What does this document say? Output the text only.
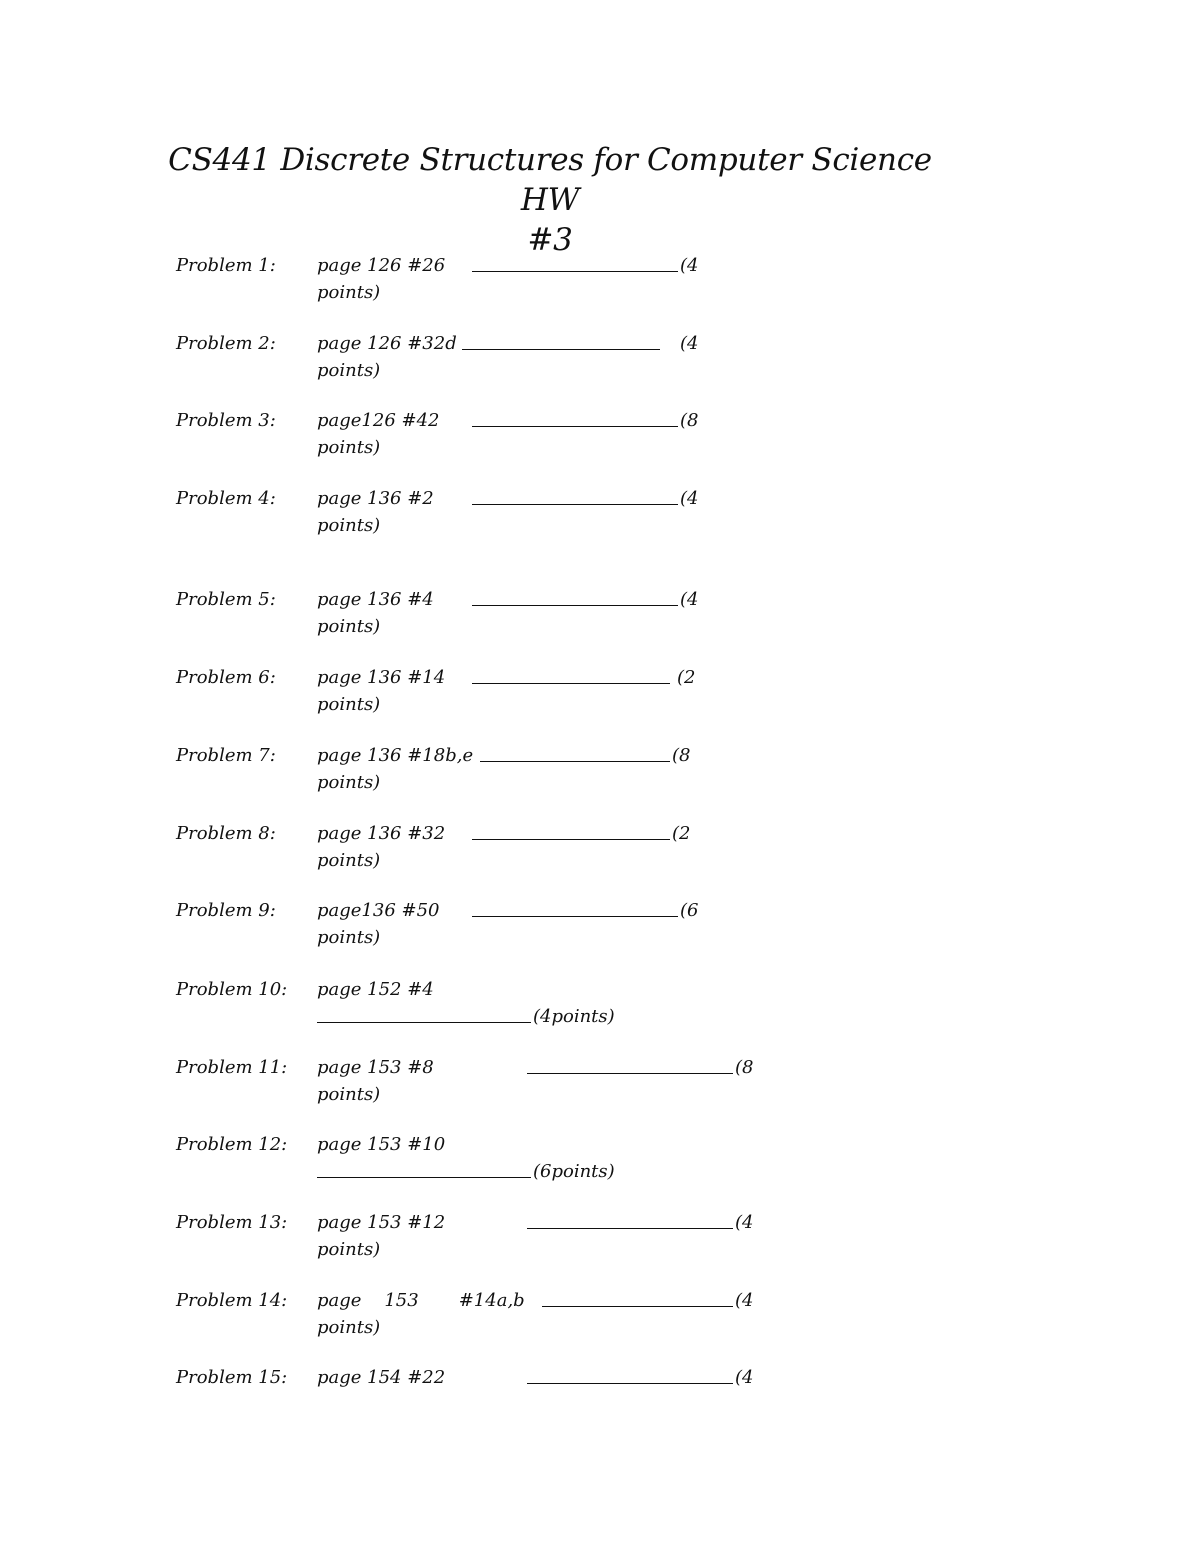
CS441 Discrete Structures for Computer Science HW
#3
Problem 1: page 126 #26	(4
points)
Problem 2: page 126 #32d	(4
points)
Problem 3: page126 #42	(8
points)
Problem 4: page 136 #2	(4
points)
Problem 5: page 136 #4	(4
points)
Problem 6: page 136 #14	(2
points)
Problem 7: page 136 #18b,e	(8
points)
Problem 8: page 136 #32	(2
points)
Problem 9: page136 #50	(6
points)
Problem 10: page 152 #4
(4points)
Problem 11: page 153 #8	(8
points)
Problem 12: page 153 #10
(6points)
Problem 13: page 153 #12	(4
points)
Problem 14: page    153       #14a,b	(4
points)
Problem 15: page 154 #22	(4
